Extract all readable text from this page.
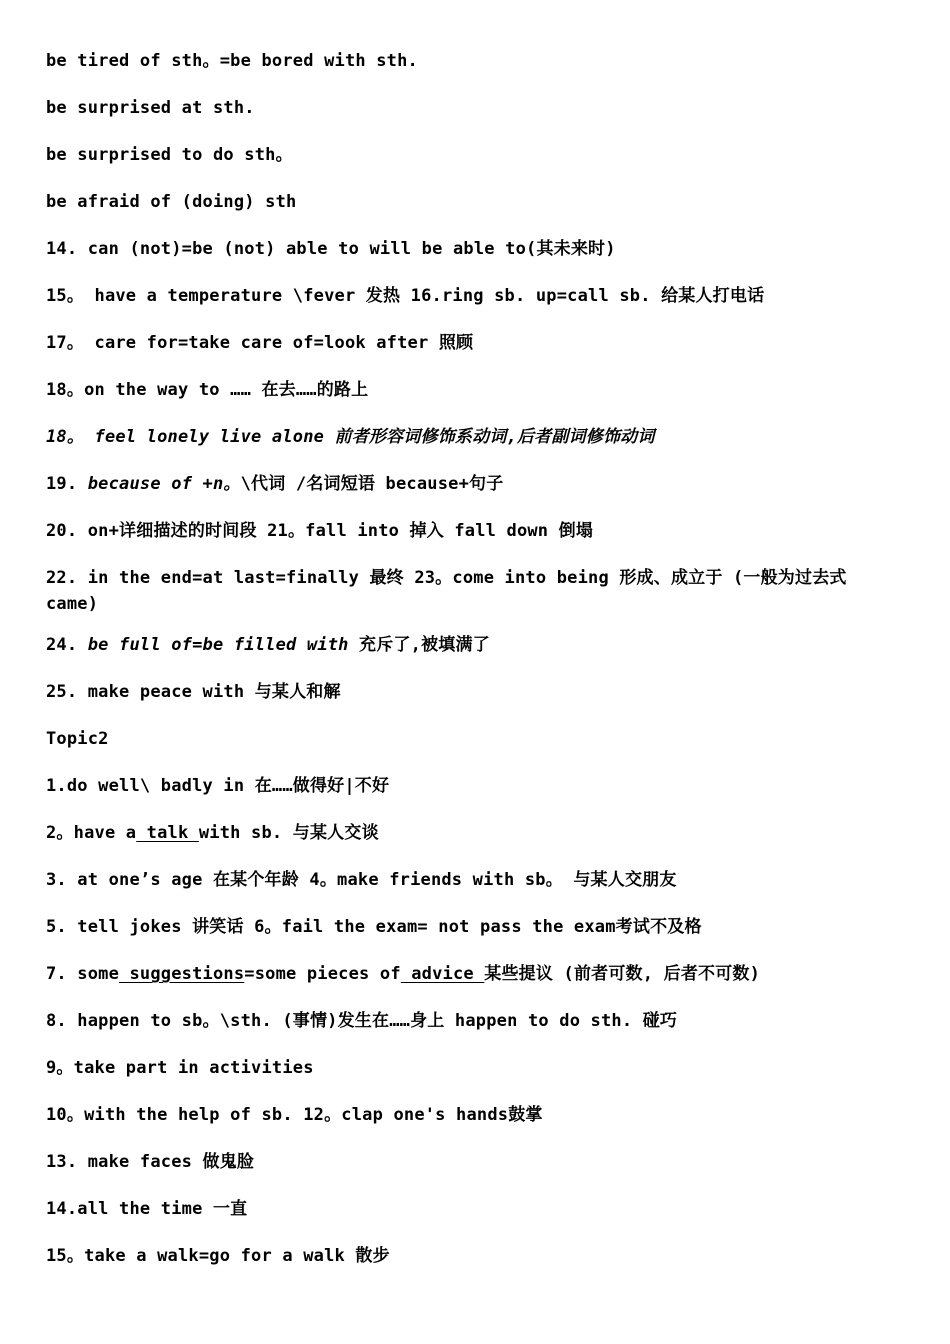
be tired of sth。=be bored with sth.
be surprised at sth.
be surprised to do sth。
be afraid of (doing) sth
14. can (not)=be (not) able to will be able to(其未来时)
15。 have a temperature \fever 发热 16.ring sb. up=call sb. 给某人打电话
17。 care for=take care of=look after 照顾
18。on the way to …… 在去……的路上
18。 feel lonely live alone 前者形容词修饰系动词,后者副词修饰动词
19. because of +n。\代词 /名词短语 because+句子
20. on+详细描述的时间段 21。fall into 掉入 fall down 倒塌
22. in the end=at last=finally 最终 23。come into being 形成、成立于 (一般为过去式 came)
24. be full of=be filled with 充斥了,被填满了
25. make peace with 与某人和解
Topic2
1.do well\ badly in 在……做得好|不好
2。have a talk with sb. 与某人交谈
3. at one’s age 在某个年龄 4。make friends with sb。 与某人交朋友
5. tell jokes 讲笑话 6。fail the exam= not pass the exam考试不及格
7. some suggestions=some pieces of advice 某些提议 (前者可数, 后者不可数)
8. happen to sb。\sth. (事情)发生在……身上 happen to do sth. 碰巧
9。take part in activities
10。with the help of sb. 12。clap one's hands鼓掌
13. make faces 做鬼脸
14.all the time 一直
15。take a walk=go for a walk 散步
